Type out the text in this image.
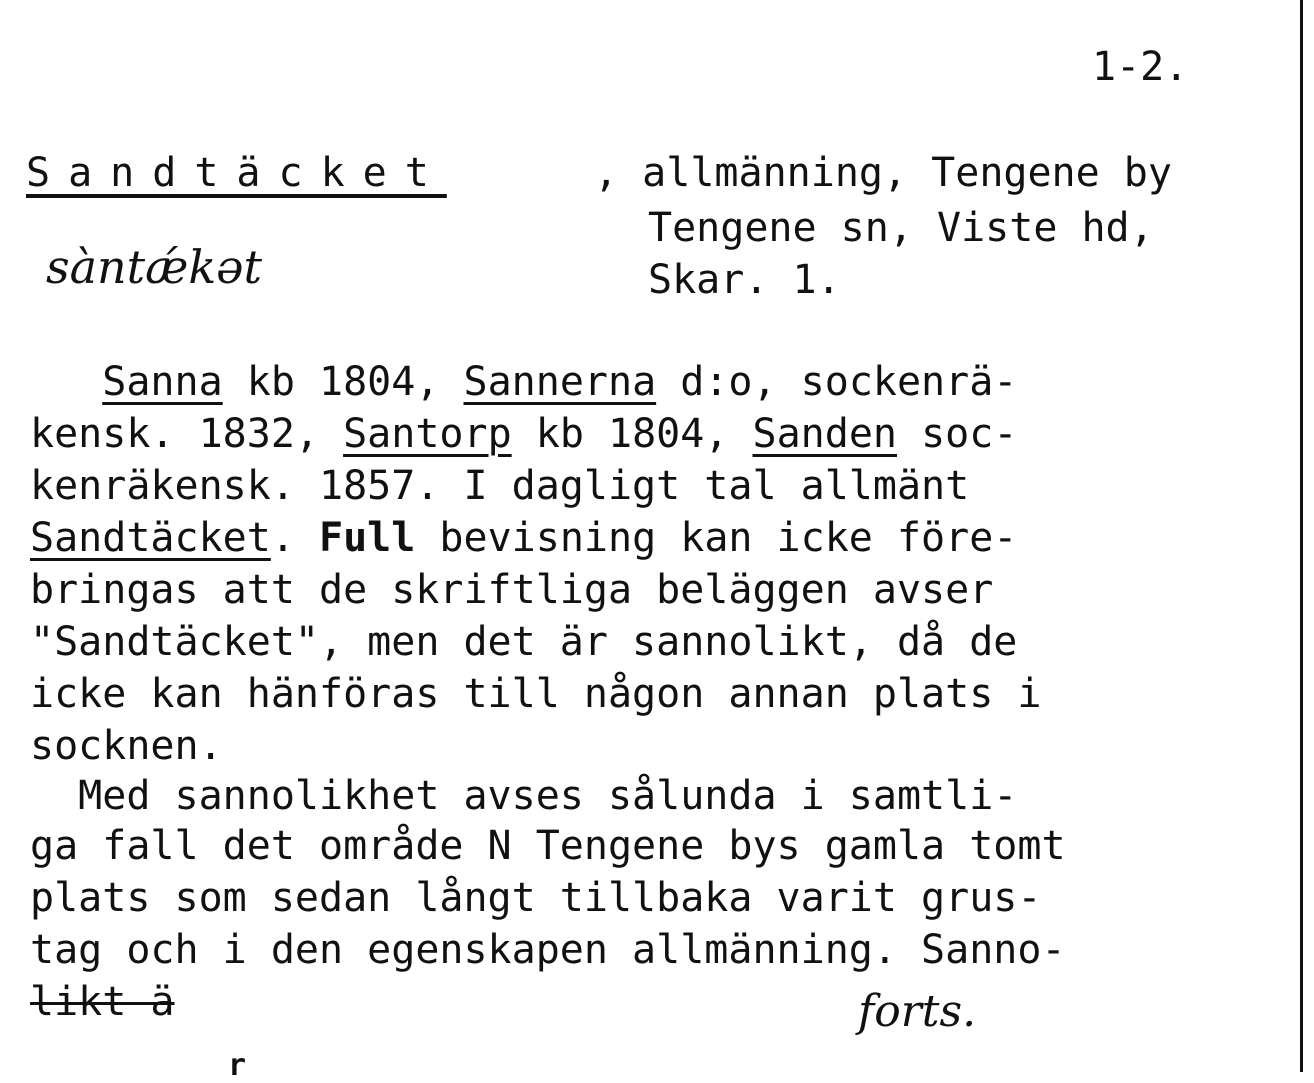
1-2.
Sandtäcket	, allmänning, Tengene by
Tengene sn, Viste hd,
Skar. 1.
sàntǽkət
Sanna kb 1804, Sannerna d:o, sockenrä-
kensk. 1832, Santorp kb 1804, Sanden soc-
kenräkensk. 1857. I dagligt tal allmänt
Sandtäcket. Full bevisning kan icke före-
bringas att de skriftliga beläggen avser
"Sandtäcket", men det är sannolikt, då de
icke kan hänföras till någon annan plats i
socknen.
Med sannolikhet avses sålunda i samtli-
ga fall det område N Tengene bys gamla tomt
plats som sedan långt tillbaka varit grus-
tag och i den egenskapen allmänning. Sanno-
likt ä	forts.
r
